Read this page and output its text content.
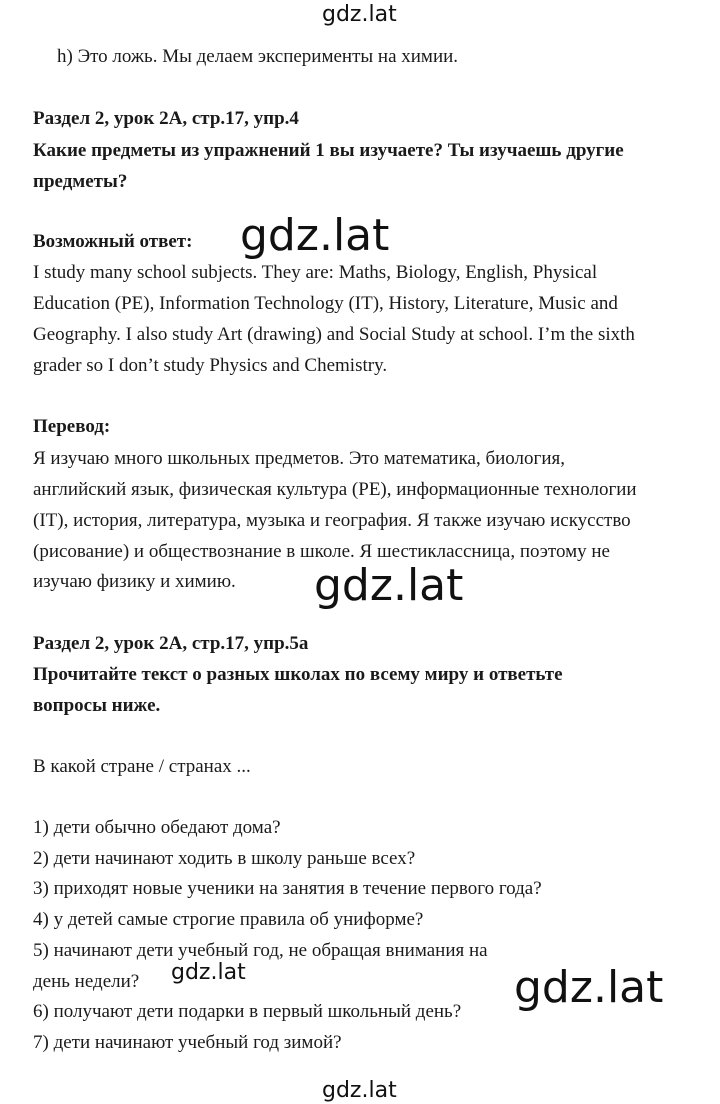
gdz.lat
gdz.lat
gdz.lat
gdz.lat	gdz.lat
gdz.lat
h) Это ложь. Мы делаем эксперименты на химии.
Раздел 2, урок 2А, стр.17, упр.4
Какие предметы из упражнений 1 вы изучаете? Ты изучаешь другие
предметы?
Возможный ответ:
I study many school subjects. They are: Maths, Biology, English, Physical
Education (PE), Information Technology (IT), History, Literature, Music and
Geography. I also study Art (drawing) and Social Study at school. I’m the sixth
grader so I don’t study Physics and Chemistry.
Перевод:
Я изучаю много школьных предметов. Это математика, биология,
английский язык, физическая культура (PE), информационные технологии
(IT), история, литература, музыка и география. Я также изучаю искусство
(рисование) и обществознание в школе. Я шестиклассница, поэтому не
изучаю физику и химию.
Раздел 2, урок 2А, стр.17, упр.5а
Прочитайте текст о разных школах по всему миру и ответьте
вопросы ниже.
В какой стране / странах ...
1) дети обычно обедают дома?
2) дети начинают ходить в школу раньше всех?
3) приходят новые ученики на занятия в течение первого года?
4) у детей самые строгие правила об униформе?
5) начинают дети учебный год, не обращая внимания на
день недели?
6) получают дети подарки в первый школьный день?
7) дети начинают учебный год зимой?
